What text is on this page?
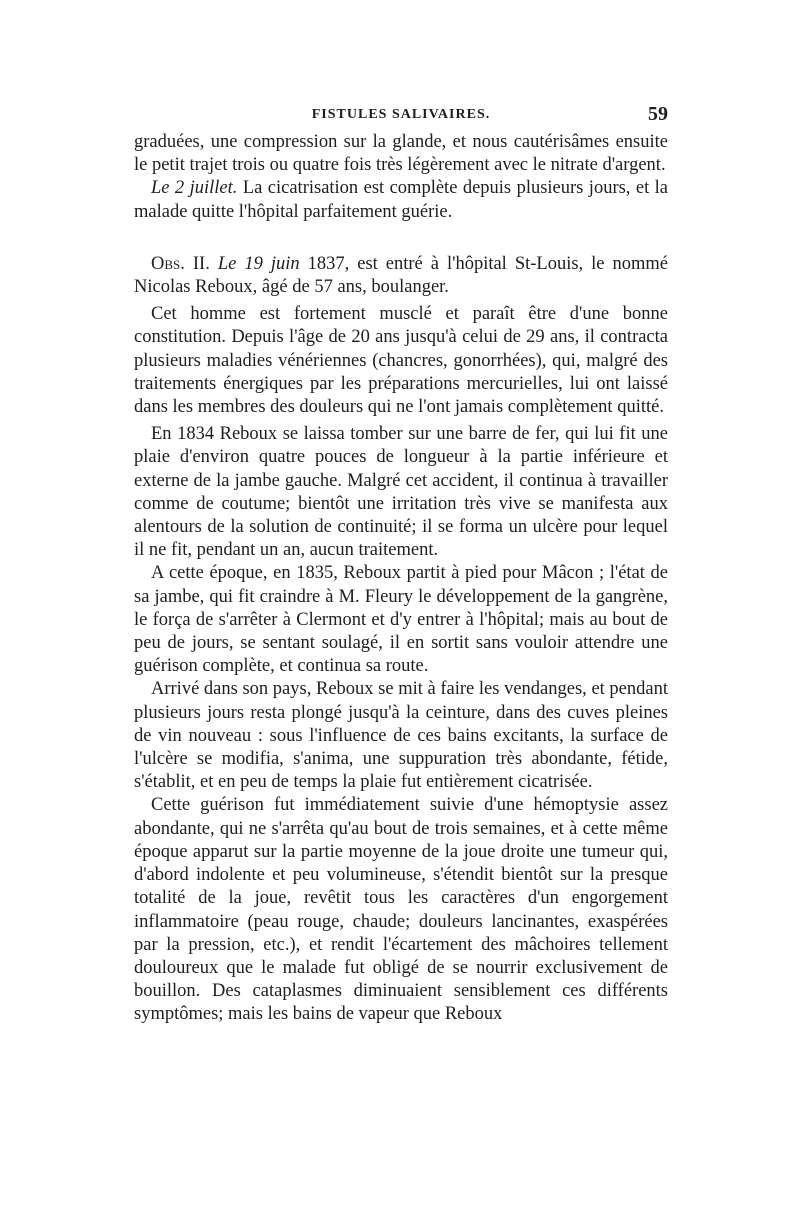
FISTULES SALIVAIRES.	59

graduées, une compression sur la glande, et nous cautérisâmes ensuite le petit trajet trois ou quatre fois très légèrement avec le nitrate d'argent.

Le 2 juillet. La cicatrisation est complète depuis plusieurs jours, et la malade quitte l'hôpital parfaitement guérie.

Obs. II. Le 19 juin 1837, est entré à l'hôpital St-Louis, le nommé Nicolas Reboux, âgé de 57 ans, boulanger.

Cet homme est fortement musclé et paraît être d'une bonne constitution. Depuis l'âge de 20 ans jusqu'à celui de 29 ans, il contracta plusieurs maladies vénériennes (chancres, gonorrhées), qui, malgré des traitements énergiques par les préparations mercurielles, lui ont laissé dans les membres des douleurs qui ne l'ont jamais complètement quitté.

En 1834 Reboux se laissa tomber sur une barre de fer, qui lui fit une plaie d'environ quatre pouces de longueur à la partie inférieure et externe de la jambe gauche. Malgré cet accident, il continua à travailler comme de coutume; bientôt une irritation très vive se manifesta aux alentours de la solution de continuité; il se forma un ulcère pour lequel il ne fit, pendant un an, aucun traitement.

A cette époque, en 1835, Reboux partit à pied pour Mâcon ; l'état de sa jambe, qui fit craindre à M. Fleury le développement de la gangrène, le força de s'arrêter à Clermont et d'y entrer à l'hôpital; mais au bout de peu de jours, se sentant soulagé, il en sortit sans vouloir attendre une guérison complète, et continua sa route.

Arrivé dans son pays, Reboux se mit à faire les vendanges, et pendant plusieurs jours resta plongé jusqu'à la ceinture, dans des cuves pleines de vin nouveau : sous l'influence de ces bains excitants, la surface de l'ulcère se modifia, s'anima, une suppuration très abondante, fétide, s'établit, et en peu de temps la plaie fut entièrement cicatrisée.

Cette guérison fut immédiatement suivie d'une hémoptysie assez abondante, qui ne s'arrêta qu'au bout de trois semaines, et à cette même époque apparut sur la partie moyenne de la joue droite une tumeur qui, d'abord indolente et peu volumineuse, s'étendit bientôt sur la presque totalité de la joue, revêtit tous les caractères d'un engorgement inflammatoire (peau rouge, chaude; douleurs lancinantes, exaspérées par la pression, etc.), et rendit l'écartement des mâchoires tellement douloureux que le malade fut obligé de se nourrir exclusivement de bouillon. Des cataplasmes diminuaient sensiblement ces différents symptômes; mais les bains de vapeur que Reboux
